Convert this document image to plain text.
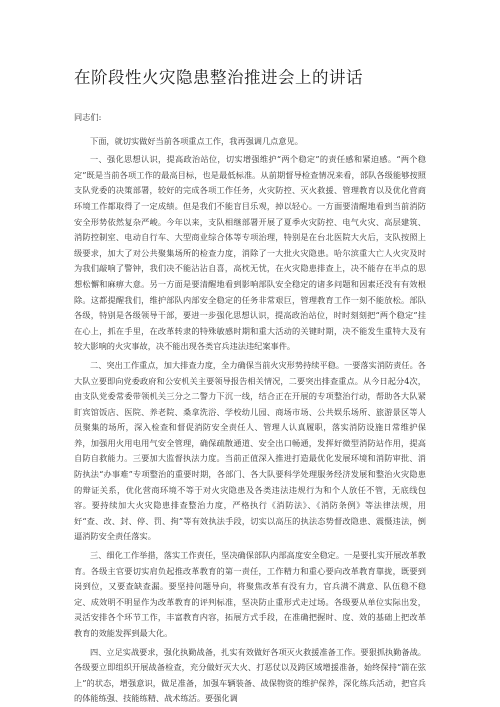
在阶段性火灾隐患整治推进会上的讲话

同志们:

下面，就切实做好当前各项重点工作，我再强调几点意见。

一、强化思想认识，提高政治站位，切实增强维护“两个稳定”的责任感和紧迫感。“两个稳定”既是当前各项工作的最高目标，也是最低标准。从前期督导检查情况来看，部队各级能够按照支队党委的决策部署，较好的完成各项工作任务，火灾防控、灭火救援、管理教育以及优化营商环境工作都取得了一定成绩。但是我们不能盲目乐观，掉以轻心。一方面要清醒地看到当前消防安全形势依然复杂严峻。今年以来，支队相继部署开展了夏季火灾防控、电气火灾、高层建筑、消防控制室、电动自行车、大型商业综合体等专项治理，特别是在台北医院大火后，支队按照上级要求，加大了对公共聚集场所的检查力度，消除了一大批火灾隐患。哈尔滨重大亡人火灾及时为我们敲响了警钟，我们决不能沾沾自喜，高枕无忧，在火灾隐患排查上，决不能存在半点的思想松懈和麻痹大意。另一方面是要清醒地看到影响部队安全稳定的诸多问题和因素还没有有效根除。这都提醒我们，维护部队内部安全稳定的任务非常艰巨，管理教育工作一刻不能放松。部队各级，特别是各级领导干部，要进一步强化思想认识，提高政治站位，时时刻刻把“两个稳定”挂在心上，抓在手里，在改革转隶的特殊敏感时期和重大活动的关键时期，决不能发生重特大及有较大影响的火灾事故，决不能出现各类官兵违法违纪案事件。

二、突出工作重点，加大排查力度，全力确保当前火灾形势持续平稳。一要落实消防责任。各大队立要即向党委政府和公安机关主要领导报告相关情况，二要突出排查重点。从今日起分4次，由支队党委常委带领机关三分之二警力下沉一线，结合正在开展的专项整治行动，帮助各大队紧盯宾馆饭店、医院、养老院、桑拿洗浴、学校幼儿园、商场市场、公共娱乐场所、旅游景区等人员聚集的场所，深入检查和督促消防安全责任人、管理人认真履职，落实消防设施日常维护保养，加强用火用电用气安全管理，确保疏散通道、安全出口畅通，发挥好微型消防站作用，提高自防自救能力。三要加大监督执法力度。当前正值深入推进打造最优化发展环境和消防审批、消防执法“办事难”专项整治的重要时期，各部门、各大队要科学处理服务经济发展和整治火灾隐患的辩证关系，优化营商环境不等于对火灾隐患及各类违法违规行为和个人放任不管，无底线包容。要持续加大火灾隐患排查整治力度，严格执行《消防法》、《消防条例》等法律法规，用好“查、改、封、停、罚、拘”等有效执法手段，切实以高压的执法态势督改隐患、震慑违法，倒逼消防安全责任落实。

三、细化工作举措，落实工作责任，坚决确保部队内部高度安全稳定。一是要扎实开展改革教育。各级主官要切实肩负起推改革教育的第一责任，工作精力和重心要向改革教育靠拢，既要到岗到位，又要查缺查漏。要坚持问题导向，将聚焦改革有没有力，官兵满不满意、队伍稳不稳定、成效明不明显作为改革教育的评判标准，坚决防止重形式走过场。各级要从单位实际出发，灵活安排各个环节工作，丰富教育内容，拓展方式手段，在准确把握时、度、效的基础上把改革教育的效能发挥到最大化。

四、立足实战要求，强化执勤战备，扎实有效做好各项灭火救援准备工作。要狠抓执勤备战。各级要立即组织开展战备检查，充分做好灭大火、打恶仗以及跨区域增援准备，始终保持“箭在弦上”的状态，增强意识，做足准备，加强车辆装备、战保物资的维护保养，深化练兵活动，把官兵的体能练强、技能练精、战术练活。要强化调
